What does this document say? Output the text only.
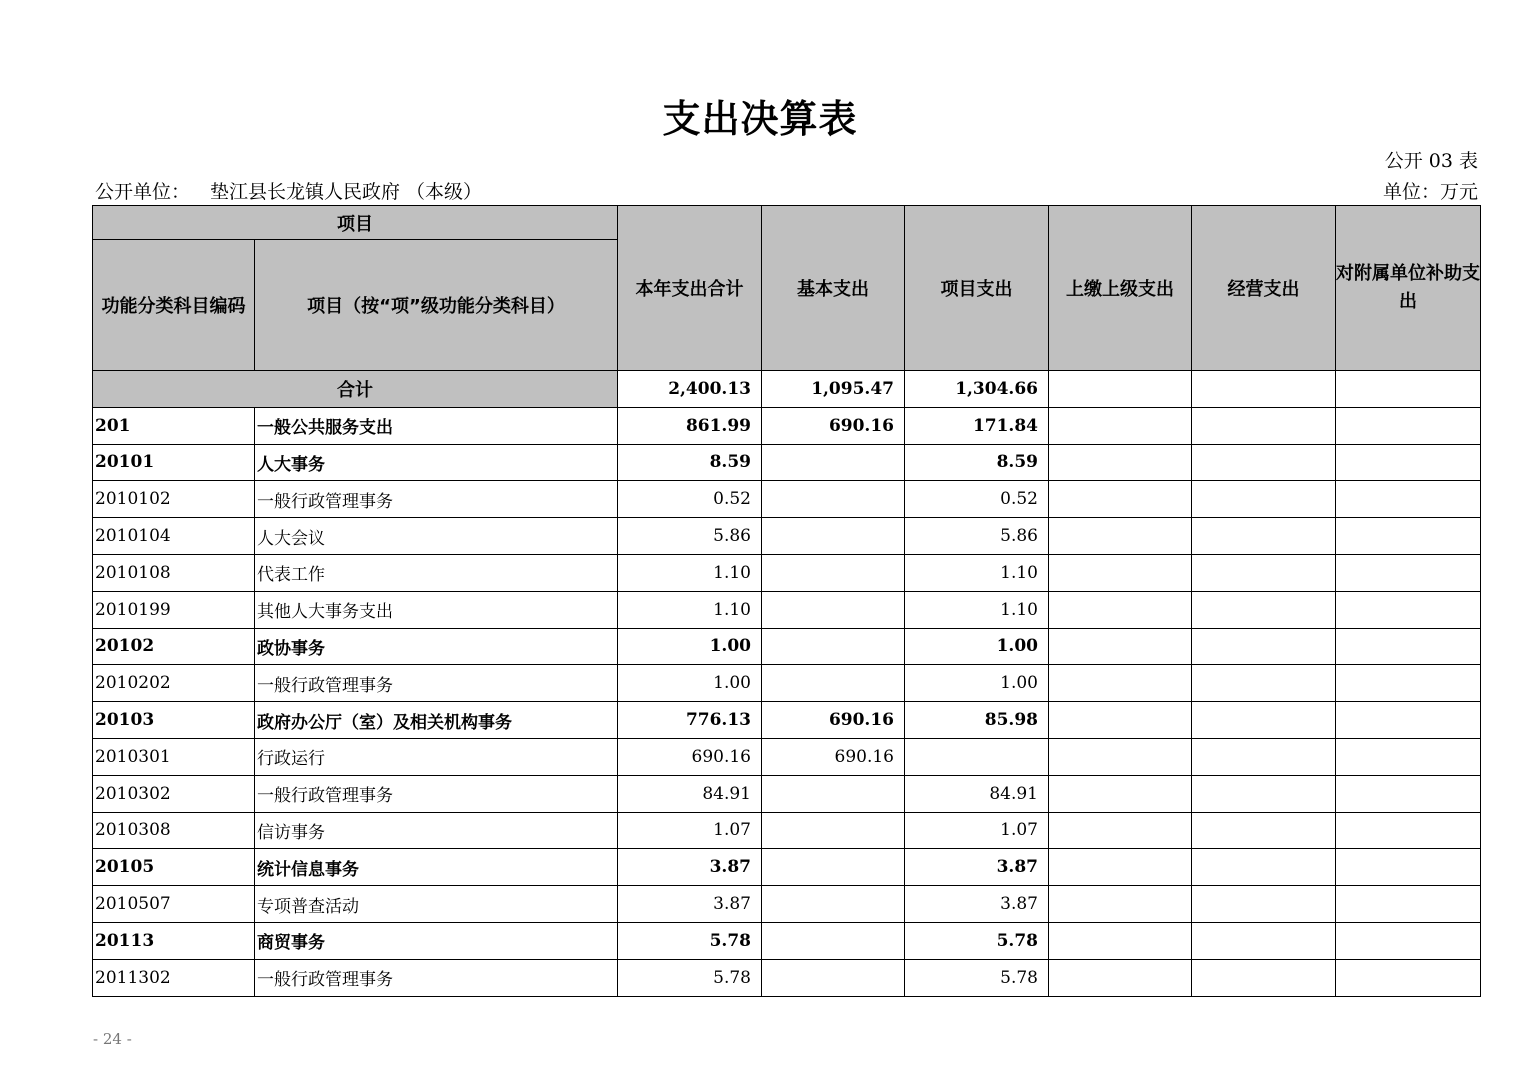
支出决算表
公开 03 表
公开单位： 垫江县长龙镇人民政府 （本级）	单位：万元
项目		本年支出合计	基本支出	项目支出	上缴上级支出	经营支出	对附属单位补助支出
功能分类科目编码	项目（按“项”级功能分类科目）						
合计		2,400.13	1,095.47	1,304.66			
201	一般公共服务支出	861.99	690.16	171.84			
20101	人大事务	8.59		8.59			
2010102	一般行政管理事务	0.52		0.52			
2010104	人大会议	5.86		5.86			
2010108	代表工作	1.10		1.10			
2010199	其他人大事务支出	1.10		1.10			
20102	政协事务	1.00		1.00			
2010202	一般行政管理事务	1.00		1.00			
20103	政府办公厅（室）及相关机构事务	776.13	690.16	85.98			
2010301	行政运行	690.16	690.16				
2010302	一般行政管理事务	84.91		84.91			
2010308	信访事务	1.07		1.07			
20105	统计信息事务	3.87		3.87			
2010507	专项普查活动	3.87		3.87			
20113	商贸事务	5.78		5.78			
2011302	一般行政管理事务	5.78		5.78			
- 24 -
